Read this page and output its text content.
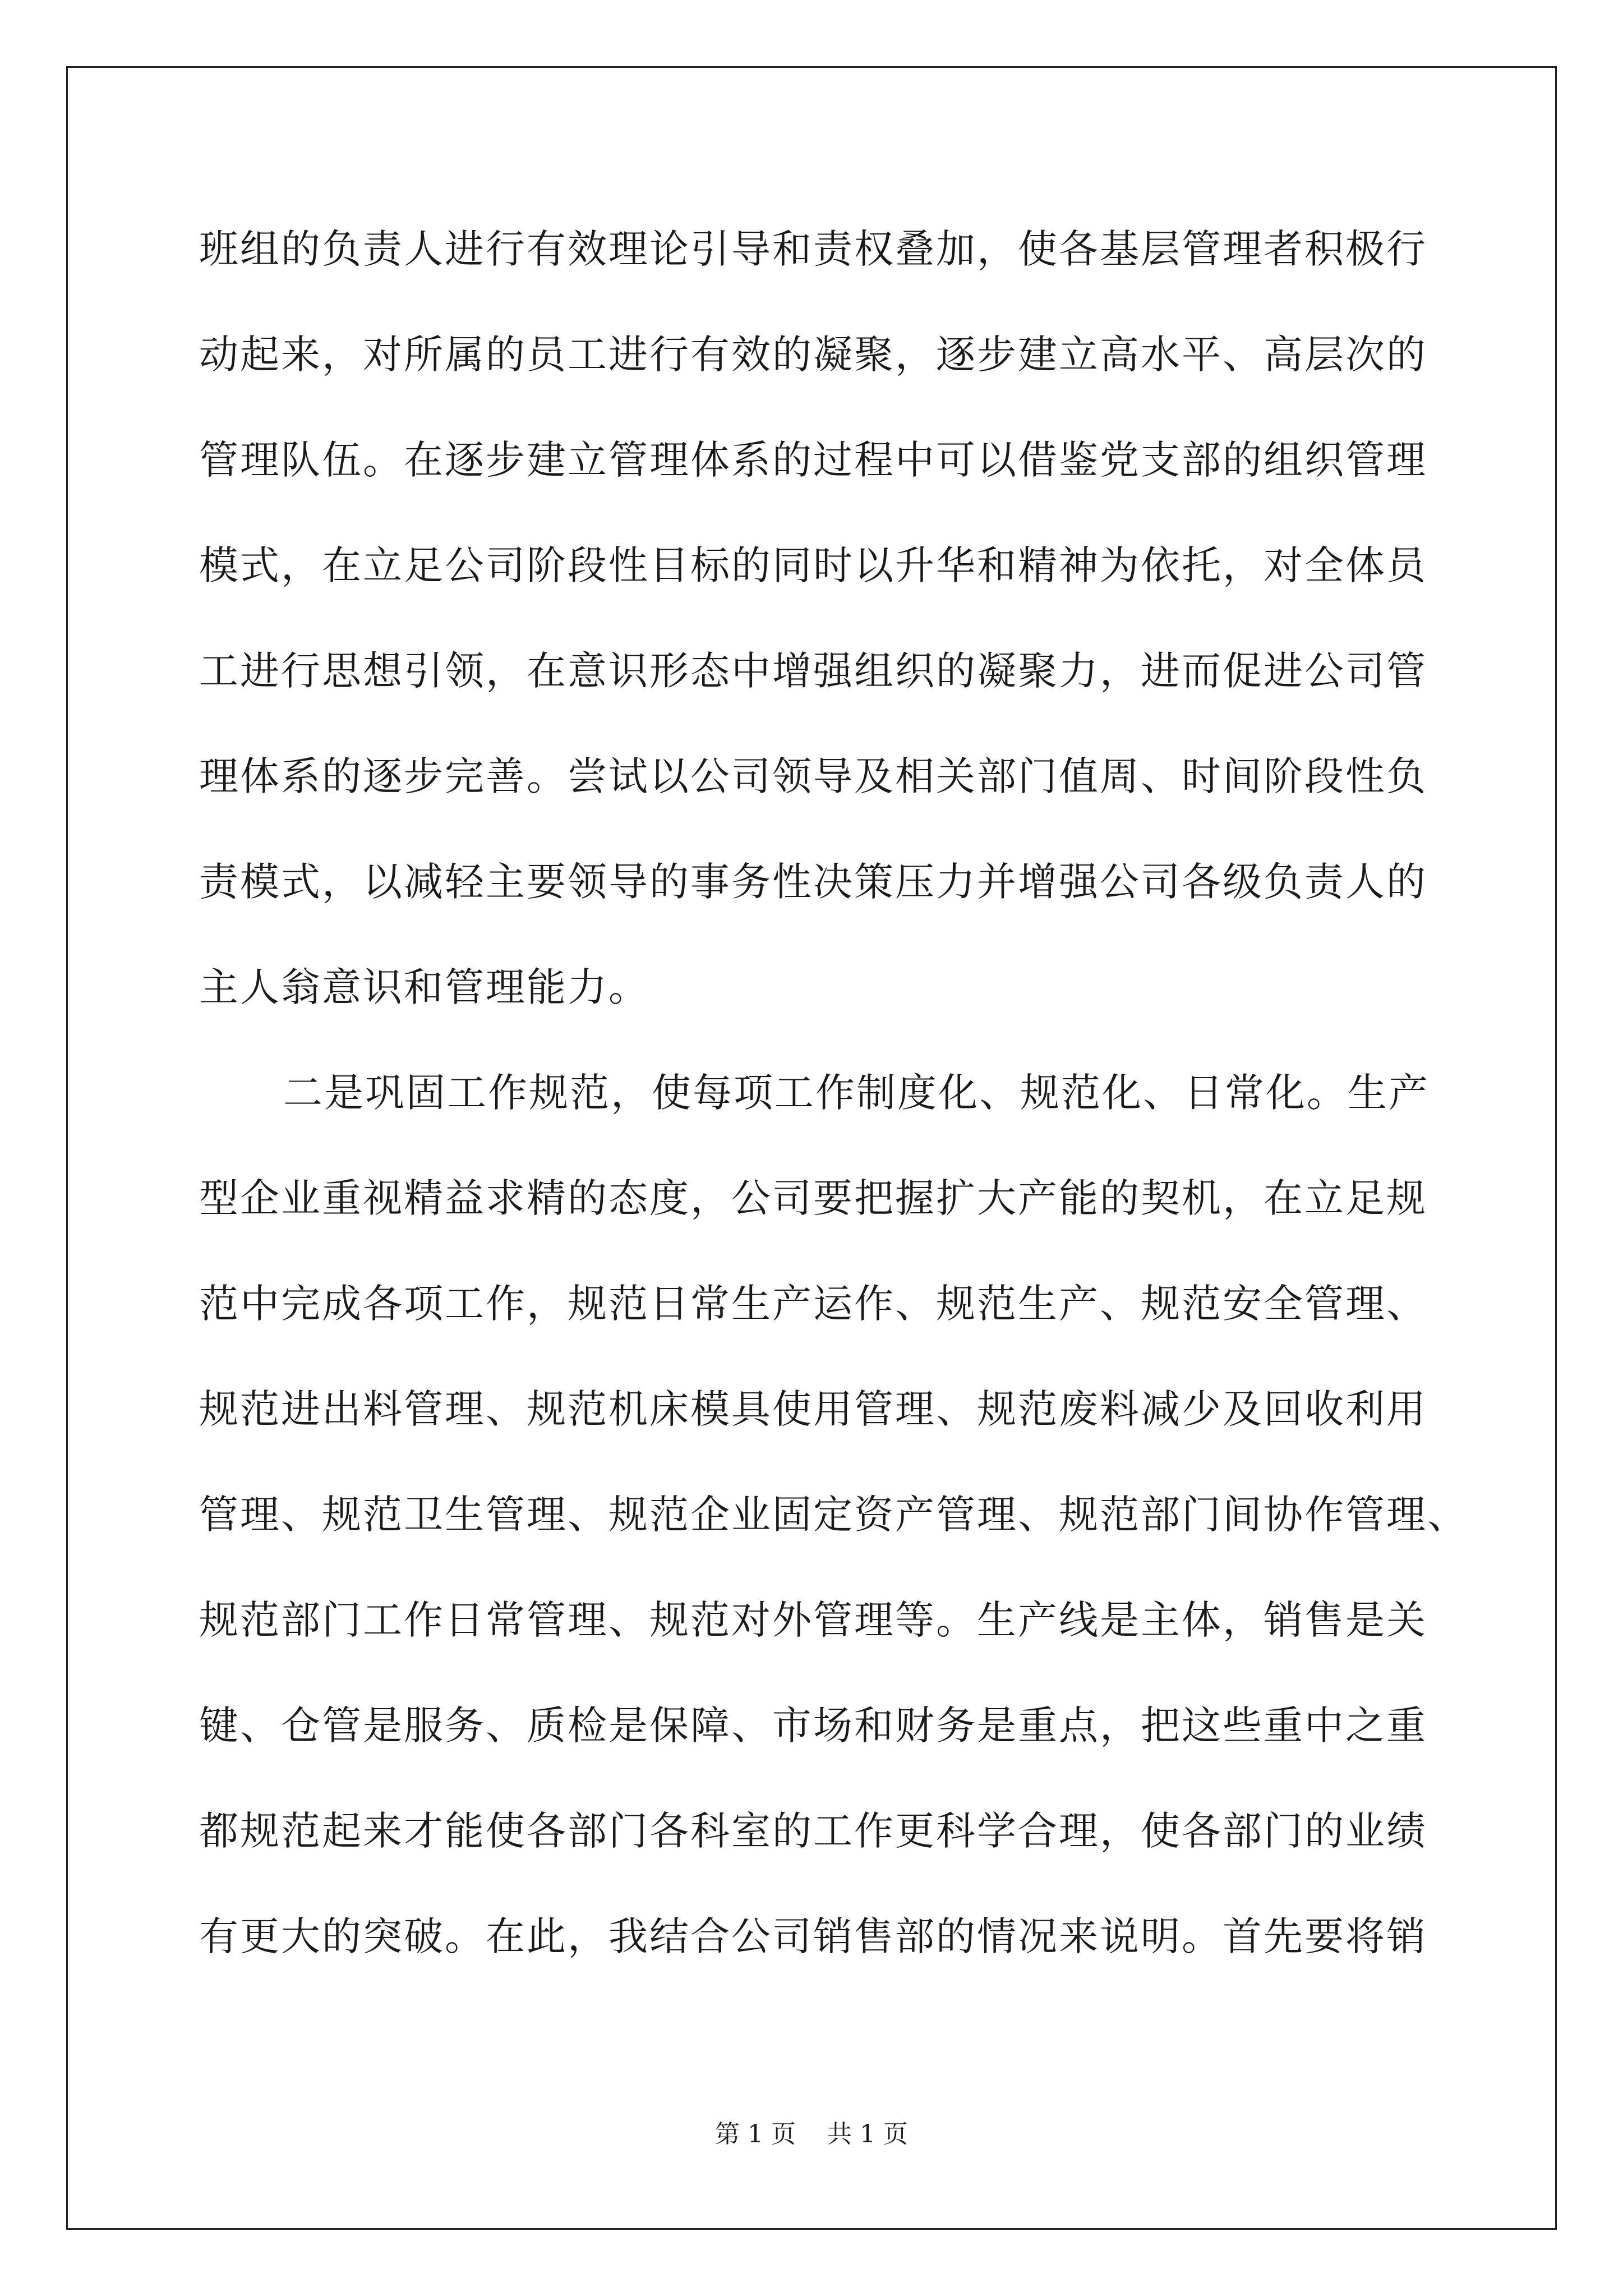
班组的负责人进行有效理论引导和责权叠加，使各基层管理者积极行
动起来，对所属的员工进行有效的凝聚，逐步建立高水平、高层次的
管理队伍。在逐步建立管理体系的过程中可以借鉴党支部的组织管理
模式，在立足公司阶段性目标的同时以升华和精神为依托，对全体员
工进行思想引领，在意识形态中增强组织的凝聚力，进而促进公司管
理体系的逐步完善。尝试以公司领导及相关部门值周、时间阶段性负
责模式，以减轻主要领导的事务性决策压力并增强公司各级负责人的
主人翁意识和管理能力。
二是巩固工作规范，使每项工作制度化、规范化、日常化。生产
型企业重视精益求精的态度，公司要把握扩大产能的契机，在立足规
范中完成各项工作，规范日常生产运作、规范生产、规范安全管理、
规范进出料管理、规范机床模具使用管理、规范废料减少及回收利用
管理、规范卫生管理、规范企业固定资产管理、规范部门间协作管理、
规范部门工作日常管理、规范对外管理等。生产线是主体，销售是关
键、仓管是服务、质检是保障、市场和财务是重点，把这些重中之重
都规范起来才能使各部门各科室的工作更科学合理，使各部门的业绩
有更大的突破。在此，我结合公司销售部的情况来说明。首先要将销
第 1 页    共 1 页
